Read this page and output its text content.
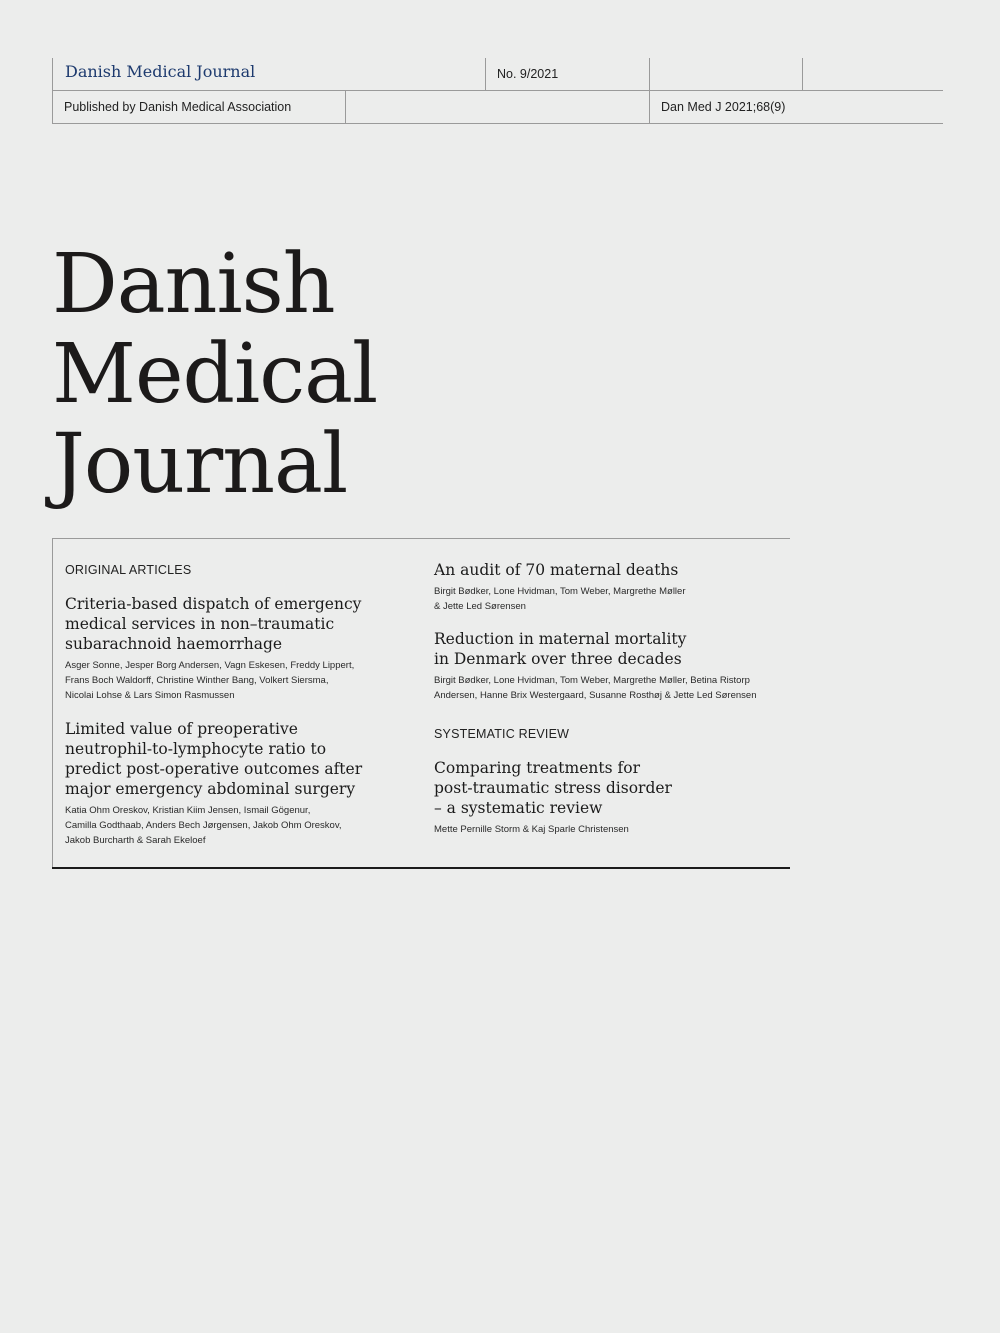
Danish Medical Journal	No. 9/2021
Published by Danish Medical Association	Dan Med J 2021;68(9)
Danish
Medical
Journal
ORIGINAL ARTICLES
Criteria-based dispatch of emergency
medical services in non–traumatic
subarachnoid haemorrhage
Asger Sonne, Jesper Borg Andersen, Vagn Eskesen, Freddy Lippert,
Frans Boch Waldorff, Christine Winther Bang, Volkert Siersma,
Nicolai Lohse & Lars Simon Rasmussen
Limited value of preoperative
neutrophil-to-lymphocyte ratio to
predict post-operative outcomes after
major emergency abdominal surgery
Katia Ohm Oreskov, Kristian Kiim Jensen, Ismail Gögenur,
Camilla Godthaab, Anders Bech Jørgensen, Jakob Ohm Oreskov,
Jakob Burcharth & Sarah Ekeloef
An audit of 70 maternal deaths
Birgit Bødker, Lone Hvidman, Tom Weber, Margrethe Møller
& Jette Led Sørensen
Reduction in maternal mortality
in Denmark over three decades
Birgit Bødker, Lone Hvidman, Tom Weber, Margrethe Møller, Betina Ristorp
Andersen, Hanne Brix Westergaard, Susanne Rosthøj & Jette Led Sørensen
SYSTEMATIC REVIEW
Comparing treatments for
post-traumatic stress disorder
– a systematic review
Mette Pernille Storm & Kaj Sparle Christensen
